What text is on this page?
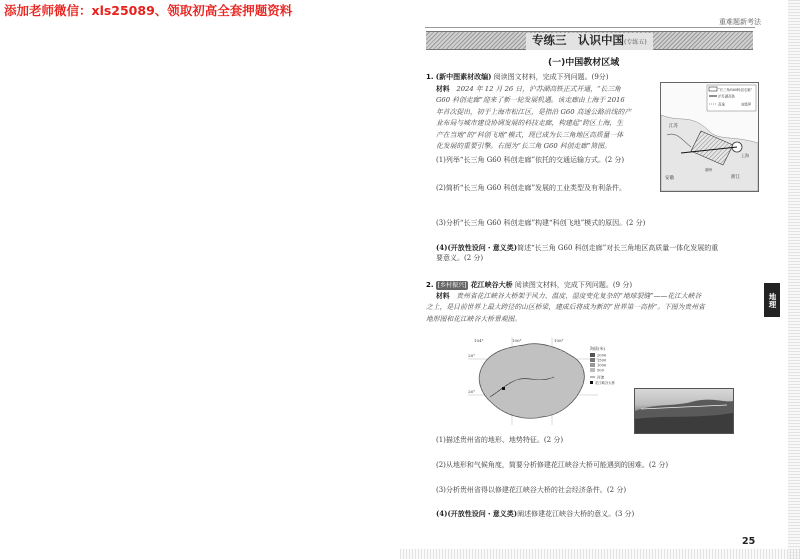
添加老师微信：xls25089、领取初高全套押题资料
重难题新考法
专练三　认识中国(专练五)
(一)中国教材区域
1. (新中图素材改编) 阅读图文材料，完成下列问题。(9分)
材料　 2024 年 12 月 26 日，沪苏湖高铁正式开通，“长三角
G60 科创走廊”迎来了新一轮发展机遇。该走廊由上海于 2016
年首次提出，初于上海市松江区，是指沿 G60 高速公路沿线的产
业布局与城市建设协调发展的科技走廊，构建起“跨区上海，生
产在当地”的“科创飞地”模式，现已成为长三角地区高质量一体
化发展的重要引擎。右图为“长三角 G60 科创走廊”简图。
(1)列举“长三角 G60 科创走廊”依托的交通运输方式。(2 分)
(2)简析“长三角 G60 科创走廊”发展的工业类型及有利条件。
(3)分析“长三角 G60 科创走廊”构建“科创飞地”模式的原因。(2 分)
(4)(开放性设问・意义类)简述“长三角 G60 科创走廊”对长三角地区高质量一体化发展的重
要意义。(2 分)
“长三角G60科创走廊”
沪苏湖高铁
高速	省级界
江苏
上海
浙江
安徽
湖州
2. [乡村振兴] 花江峡谷大桥 阅读图文材料，完成下列问题。(9 分)
材料　 贵州省花江峡谷大桥架于风力、温度、湿度变化复杂的“地球裂缝”——花江大峡谷
之上，是目前世界上最大跨径的山区桥梁，建成后将成为新的“世界第一高桥”。下图为贵州省
地形图和花江峡谷大桥景观图。
106°
104°	108°
28°
26°
海拔(米)
2000
1500
1000
500
河流
花江峡谷大桥
(1)描述贵州省的地形、地势特征。(2 分)
(2)从地形和气候角度，简要分析修建花江峡谷大桥可能遇到的困难。(2 分)
(3)分析贵州省得以修建花江峡谷大桥的社会经济条件。(2 分)
(4)(开放性设问・意义类)阐述修建花江峡谷大桥的意义。(3 分)
地理
25
